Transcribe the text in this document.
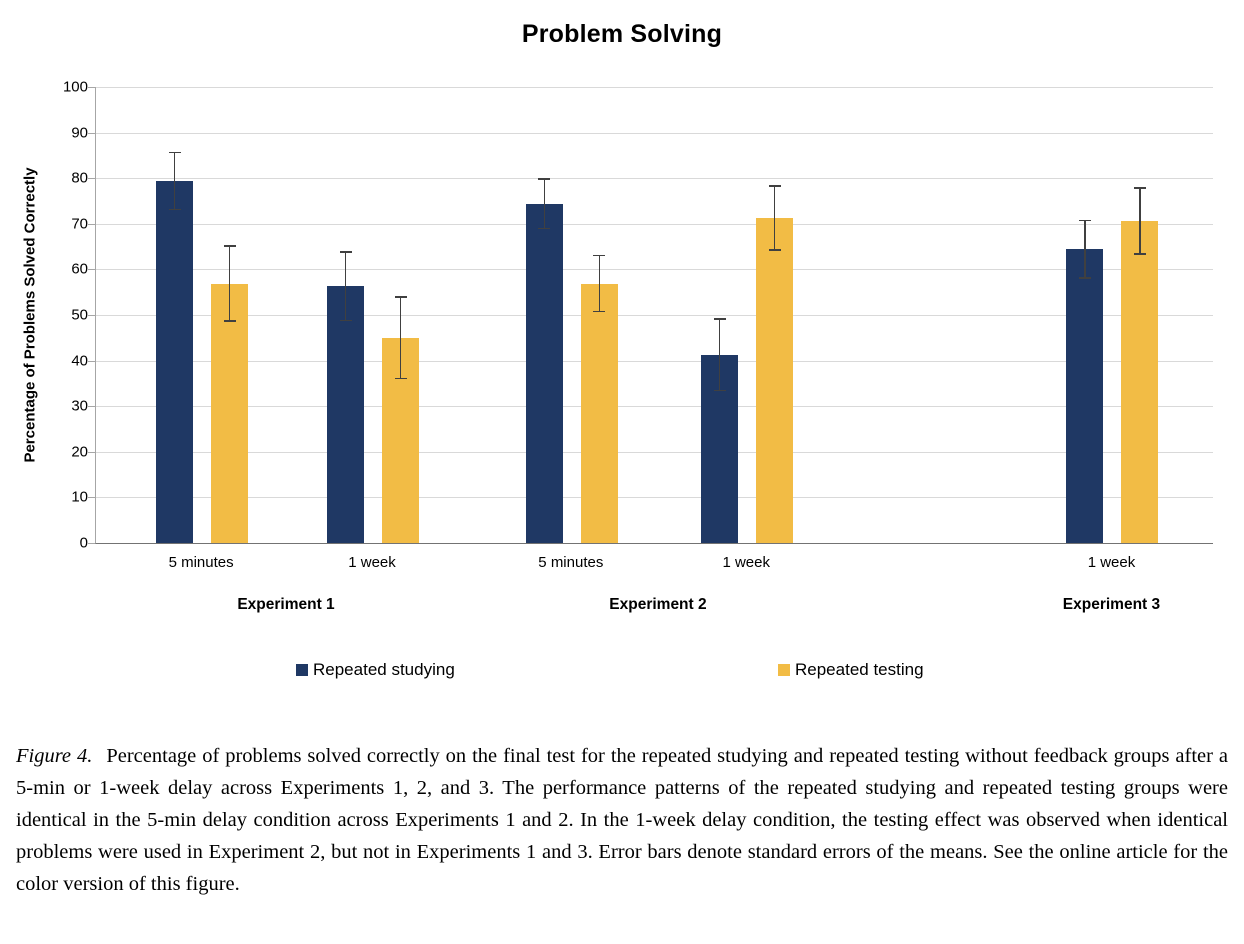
Problem Solving
Percentage of Problems Solved Correctly
0
10
20
30
40
50
60
70
80
90
100
5 minutes	1 week	5 minutes	1 week	1 week
Experiment 1	Experiment 2	Experiment 3
Repeated studying	Repeated testing

Figure 4. Percentage of problems solved correctly on the final test for the repeated studying and repeated testing without feedback groups after a 5-min or 1-week delay across Experiments 1, 2, and 3. The performance patterns of the repeated studying and repeated testing groups were identical in the 5-min delay condition across Experiments 1 and 2. In the 1-week delay condition, the testing effect was observed when identical problems were used in Experiment 2, but not in Experiments 1 and 3. Error bars denote standard errors of the means. See the online article for the color version of this figure.
